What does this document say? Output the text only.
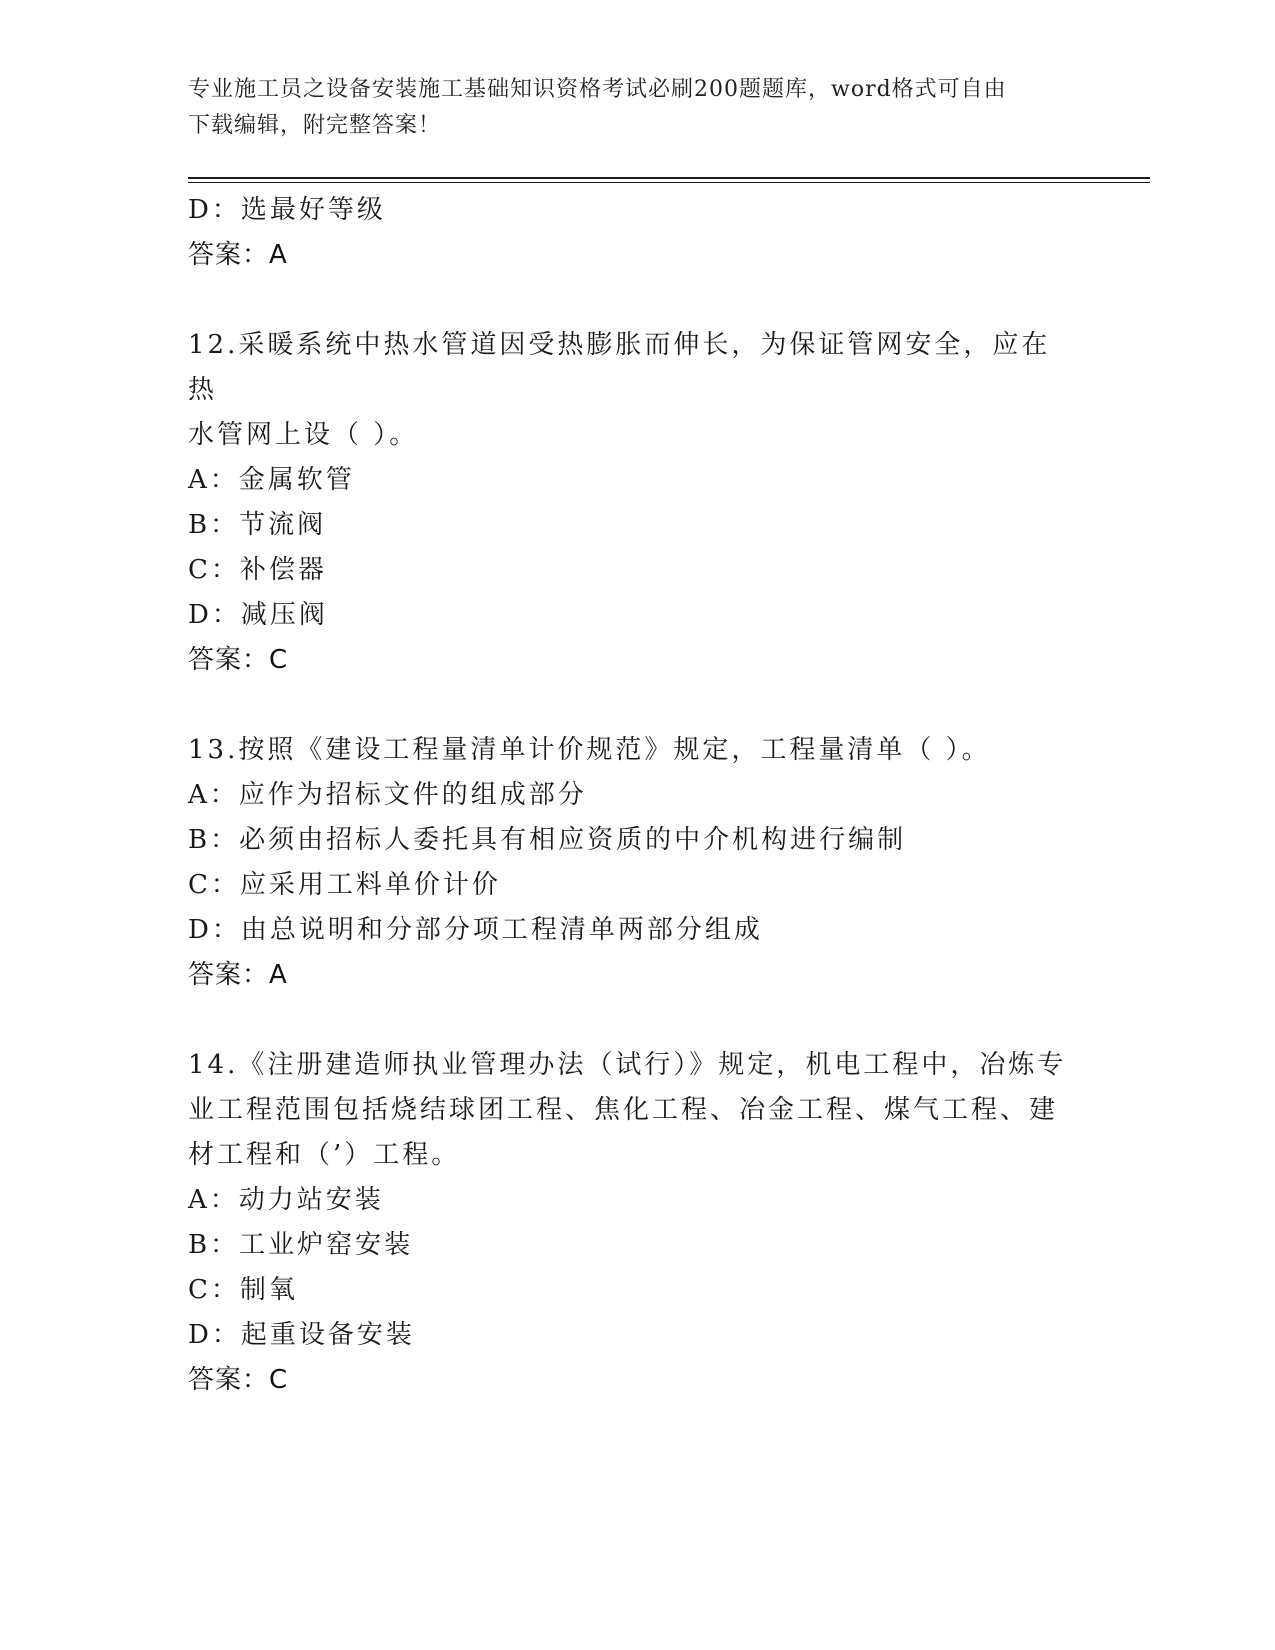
专业施工员之设备安装施工基础知识资格考试必刷200题题库，word格式可自由
下载编辑，附完整答案！
D：选最好等级
答案：A
12.采暖系统中热水管道因受热膨胀而伸长，为保证管网安全，应在热
水管网上设（ ）。
A：金属软管
B：节流阀
C：补偿器
D：减压阀
答案：C
13.按照《建设工程量清单计价规范》规定，工程量清单（ ）。
A：应作为招标文件的组成部分
B：必须由招标人委托具有相应资质的中介机构进行编制
C：应采用工料单价计价
D：由总说明和分部分项工程清单两部分组成
答案：A
14.《注册建造师执业管理办法（试行）》规定，机电工程中，冶炼专
业工程范围包括烧结球团工程、焦化工程、冶金工程、煤气工程、建
材工程和（’）工程。
A：动力站安装
B：工业炉窑安装
C：制氧
D：起重设备安装
答案：C
